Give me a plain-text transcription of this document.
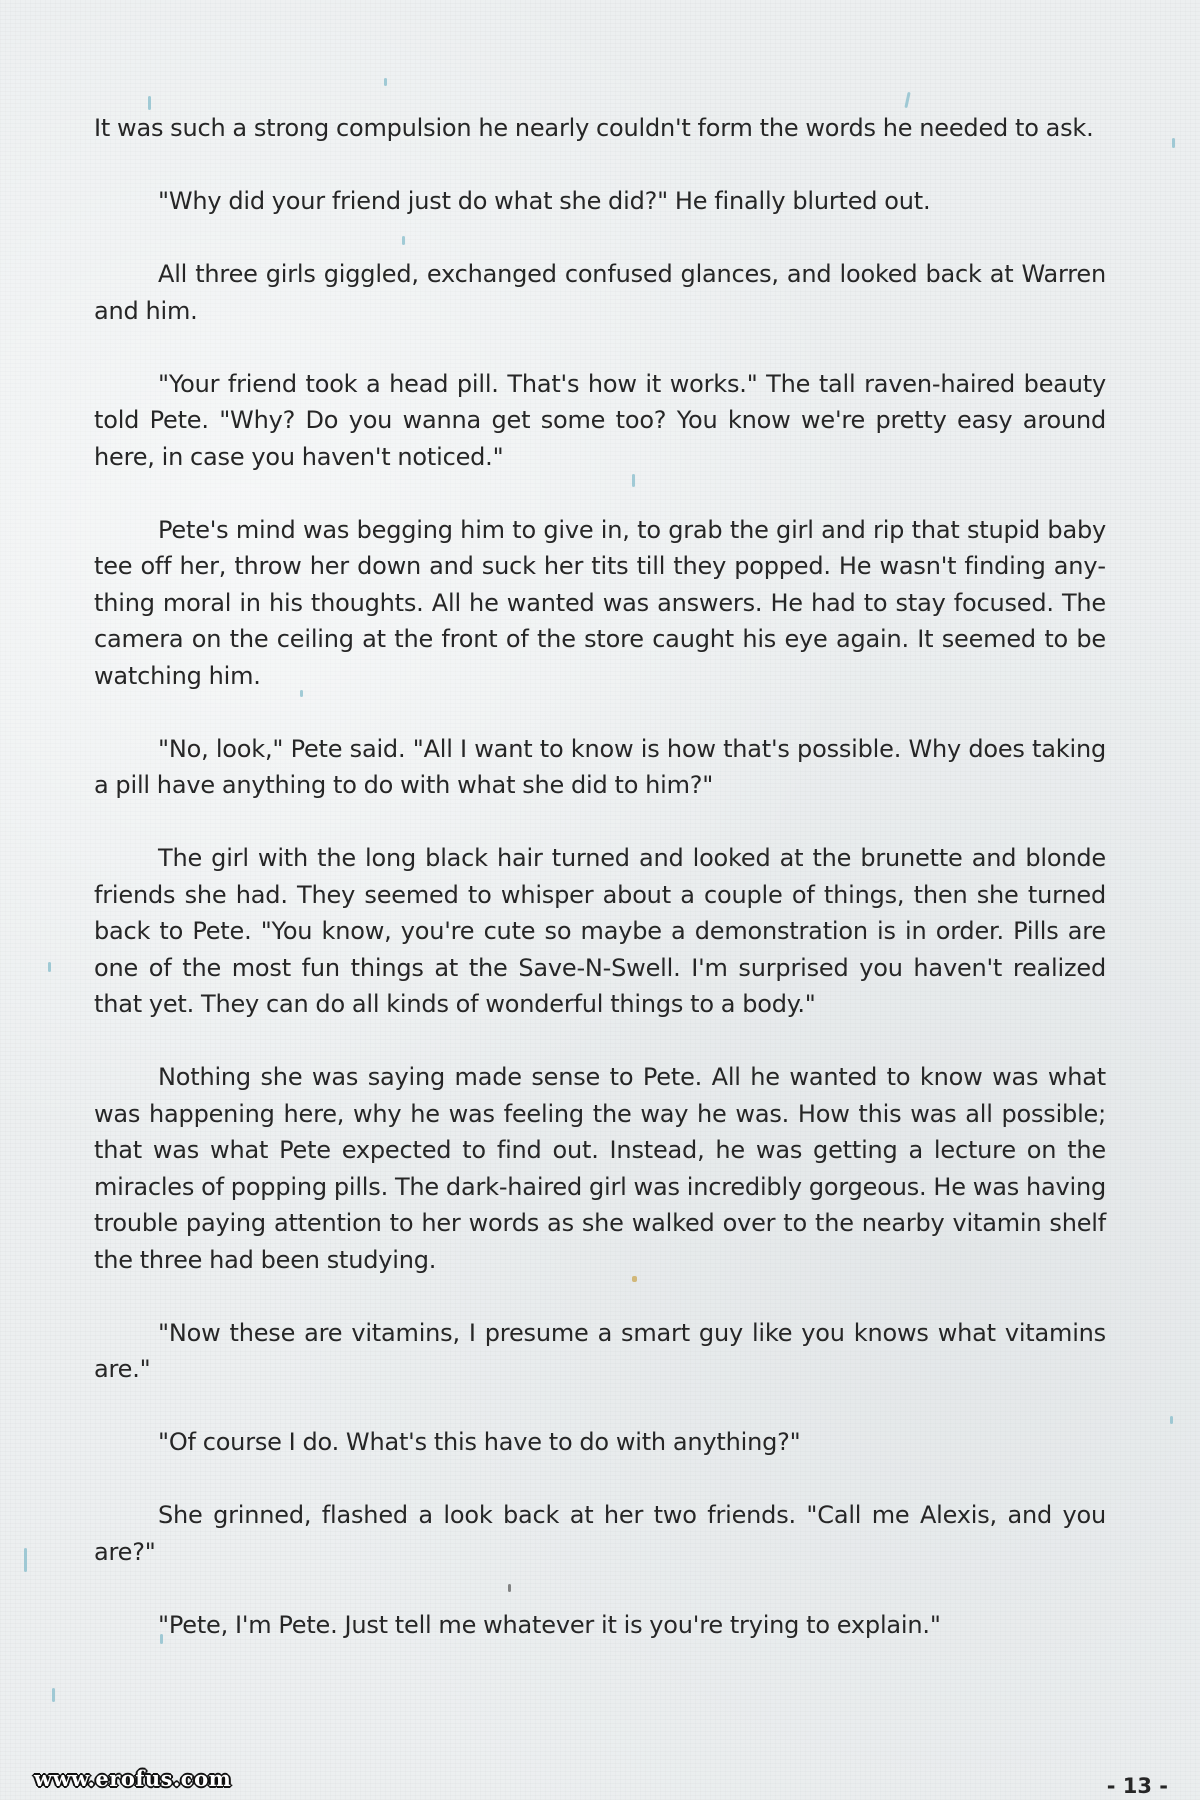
It was such a strong compulsion he nearly couldn't form the words he needed to ask.

"Why did your friend just do what she did?" He finally blurted out.

All three girls giggled, exchanged confused glances, and looked back at Warren and him.

"Your friend took a head pill. That's how it works." The tall raven-haired beauty told Pete. "Why? Do you wanna get some too? You know we're pretty easy around here, in case you haven't noticed."

Pete's mind was begging him to give in, to grab the girl and rip that stupid baby tee off her, throw her down and suck her tits till they popped. He wasn't finding anything moral in his thoughts. All he wanted was answers. He had to stay focused. The camera on the ceiling at the front of the store caught his eye again. It seemed to be watching him.

"No, look," Pete said. "All I want to know is how that's possible. Why does taking a pill have anything to do with what she did to him?"

The girl with the long black hair turned and looked at the brunette and blonde friends she had. They seemed to whisper about a couple of things, then she turned back to Pete. "You know, you're cute so maybe a demonstration is in order. Pills are one of the most fun things at the Save-N-Swell. I'm surprised you haven't realized that yet. They can do all kinds of wonderful things to a body."

Nothing she was saying made sense to Pete. All he wanted to know was what was happening here, why he was feeling the way he was. How this was all possible; that was what Pete expected to find out. Instead, he was getting a lecture on the miracles of popping pills. The dark-haired girl was incredibly gorgeous. He was having trouble paying attention to her words as she walked over to the nearby vitamin shelf the three had been studying.

"Now these are vitamins, I presume a smart guy like you knows what vitamins are."

"Of course I do. What's this have to do with anything?"

She grinned, flashed a look back at her two friends. "Call me Alexis, and you are?"

"Pete, I'm Pete. Just tell me whatever it is you're trying to explain."

www.erofus.com	- 13 -
